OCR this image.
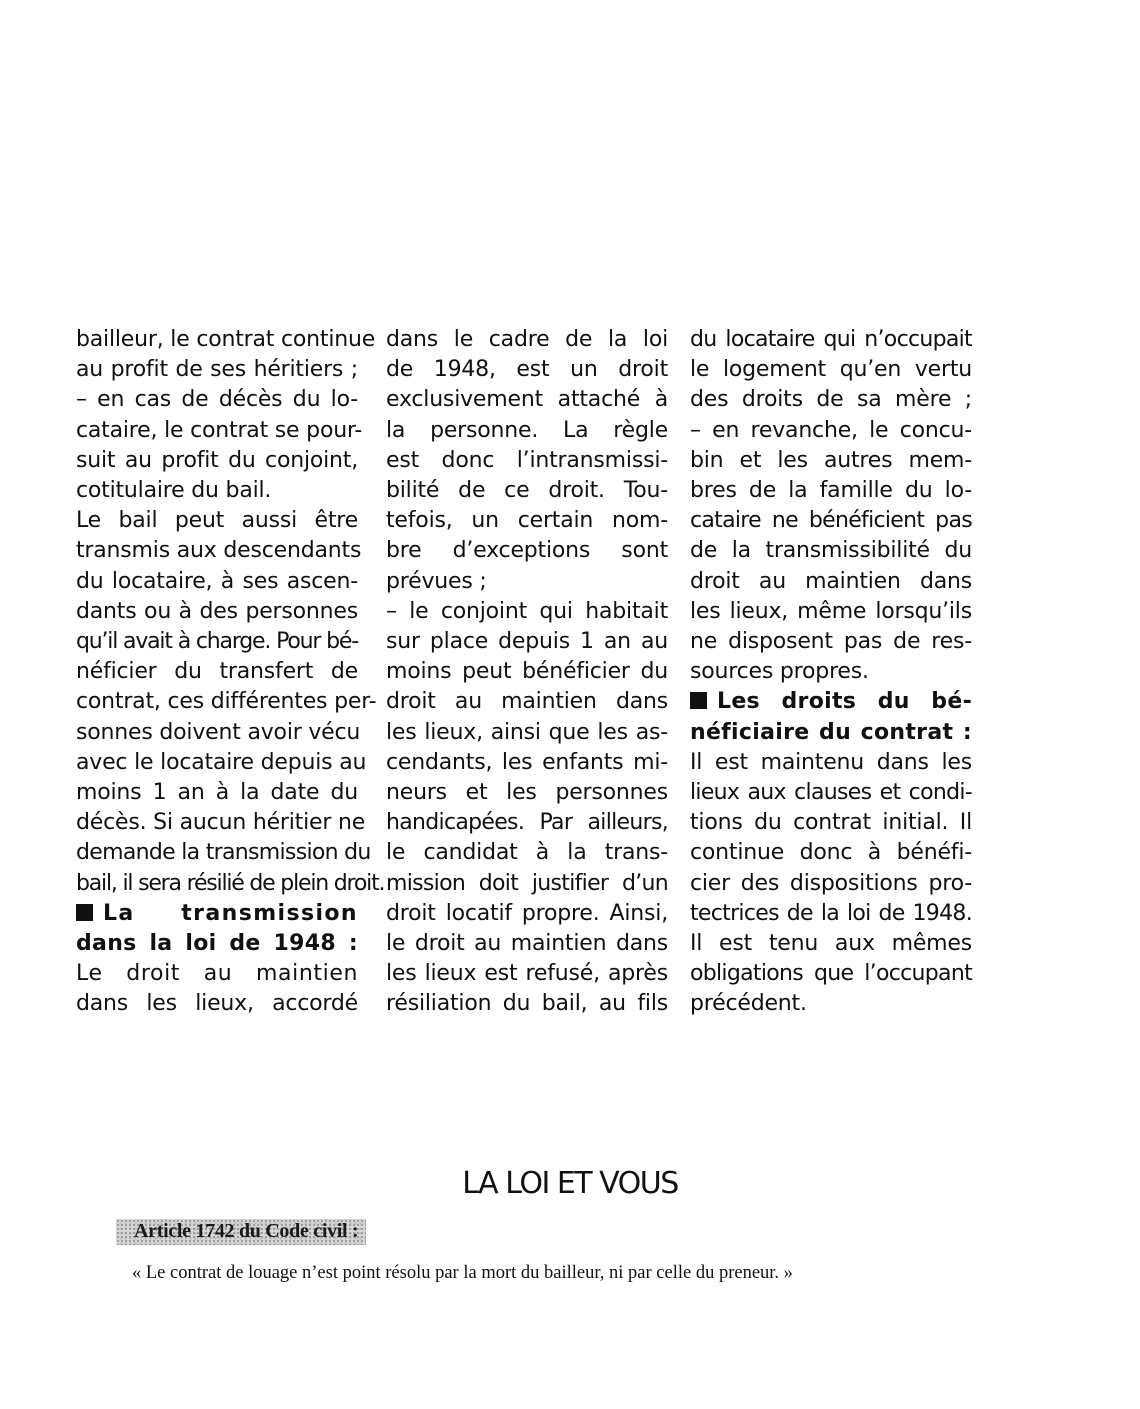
bailleur, le contrat continue
au profit de ses héritiers ;
– en cas de décès du lo-
cataire, le contrat se pour-
suit au profit du conjoint,
cotitulaire du bail.
Le bail peut aussi être
transmis aux descendants
du locataire, à ses ascen-
dants ou à des personnes
qu’il avait à charge. Pour bé-
néficier du transfert de
contrat, ces différentes per-
sonnes doivent avoir vécu
avec le locataire depuis au
moins 1 an à la date du
décès. Si aucun héritier ne
demande la transmission du
bail, il sera résilié de plein droit.
La transmission
dans la loi de 1948 :
Le droit au maintien
dans les lieux, accordé
dans le cadre de la loi
de 1948, est un droit
exclusivement attaché à
la personne. La règle
est donc l’intransmissi-
bilité de ce droit. Tou-
tefois, un certain nom-
bre d’exceptions sont
prévues ;
– le conjoint qui habitait
sur place depuis 1 an au
moins peut bénéficier du
droit au maintien dans
les lieux, ainsi que les as-
cendants, les enfants mi-
neurs et les personnes
handicapées. Par ailleurs,
le candidat à la trans-
mission doit justifier d’un
droit locatif propre. Ainsi,
le droit au maintien dans
les lieux est refusé, après
résiliation du bail, au fils
du locataire qui n’occupait
le logement qu’en vertu
des droits de sa mère ;
– en revanche, le concu-
bin et les autres mem-
bres de la famille du lo-
cataire ne bénéficient pas
de la transmissibilité du
droit au maintien dans
les lieux, même lorsqu’ils
ne disposent pas de res-
sources propres.
Les droits du bé-
néficiaire du contrat :
Il est maintenu dans les
lieux aux clauses et condi-
tions du contrat initial. Il
continue donc à bénéfi-
cier des dispositions pro-
tectrices de la loi de 1948.
Il est tenu aux mêmes
obligations que l’occupant
précédent.
LA LOI ET VOUS
Article 1742 du Code civil :
« Le contrat de louage n’est point résolu par la mort du bailleur, ni par celle du preneur. »
